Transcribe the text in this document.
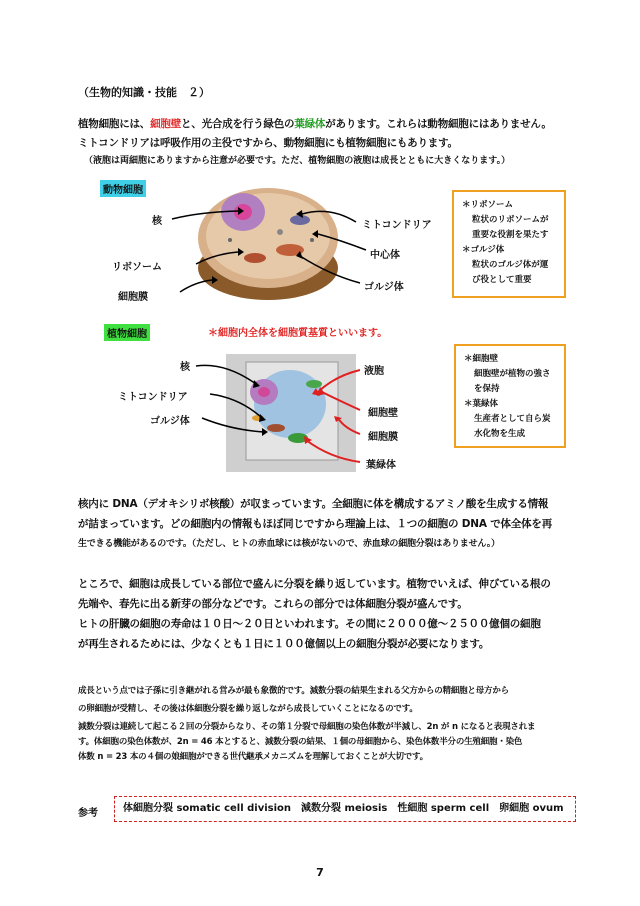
（生物的知識・技能　２）
植物細胞には、細胞壁と、光合成を行う緑色の葉緑体があります。これらは動物細胞にはありません。
ミトコンドリアは呼吸作用の主役ですから、動物細胞にも植物細胞にもあります。
（液胞は両細胞にありますから注意が必要です。ただ、植物細胞の液胞は成長とともに大きくなります。）
動物細胞
核
リボソーム
細胞膜
ミトコンドリア
中心体
ゴルジ体
＊リボソーム
粒状のリボソームが
重要な役割を果たす
＊ゴルジ体
粒状のゴルジ体が運
び役として重要
植物細胞	＊細胞内全体を細胞質基質といいます。
核
ミトコンドリア
ゴルジ体
液胞
細胞壁
細胞膜
葉緑体
＊細胞壁
細胞壁が植物の強さ
を保持
＊葉緑体
生産者として自ら炭
水化物を生成
核内に DNA（デオキシリボ核酸）が収まっています。全細胞に体を構成するアミノ酸を生成する情報
が詰まっています。どの細胞内の情報もほぼ同じですから理論上は、１つの細胞の DNA で体全体を再
生できる機能があるのです。（ただし、ヒトの赤血球には核がないので、赤血球の細胞分裂はありません。）
ところで、細胞は成長している部位で盛んに分裂を繰り返しています。植物でいえば、伸びている根の
先端や、春先に出る新芽の部分などです。これらの部分では体細胞分裂が盛んです。
ヒトの肝臓の細胞の寿命は１０日〜２０日といわれます。その間に２０００億〜２５００億個の細胞
が再生されるためには、少なくとも１日に１００億個以上の細胞分裂が必要になります。
成長という点では子孫に引き継がれる営みが最も象徴的です。減数分裂の結果生まれる父方からの精細胞と母方から
の卵細胞が受精し、その後は体細胞分裂を繰り返しながら成長していくことになるのです。
減数分裂は連続して起こる２回の分裂からなり、その第１分裂で母細胞の染色体数が半減し、2n が n になると表現されま
す。体細胞の染色体数が、2n = 46 本とすると、減数分裂の結果、１個の母細胞から、染色体数半分の生殖細胞・染色
体数 n = 23 本の４個の娘細胞ができる世代継承メカニズムを理解しておくことが大切です。
参考	体細胞分裂 somatic cell division　減数分裂 meiosis　性細胞 sperm cell　卵細胞 ovum
7
